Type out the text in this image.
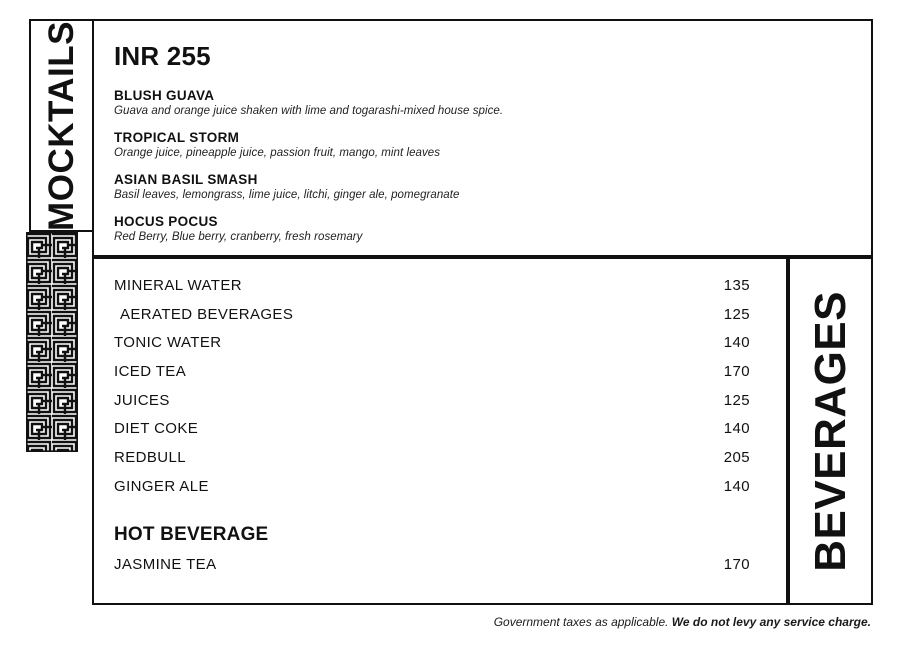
MOCKTAILS INR 255
BLUSH GUAVA
Guava and orange juice shaken with lime and togarashi-mixed house spice.
TROPICAL STORM
Orange juice, pineapple juice, passion fruit, mango, mint leaves
ASIAN BASIL SMASH
Basil leaves, lemongrass, lime juice, litchi, ginger ale, pomegranate
HOCUS POCUS
Red Berry, Blue berry, cranberry, fresh rosemary
MINERAL WATER	135
AERATED BEVERAGES	125
TONIC WATER	140
ICED TEA	170
JUICES	125
DIET COKE	140
REDBULL	205
GINGER ALE	140
HOT BEVERAGE
JASMINE TEA	170 BEVERAGES
Government taxes as applicable. We do not levy any service charge.
